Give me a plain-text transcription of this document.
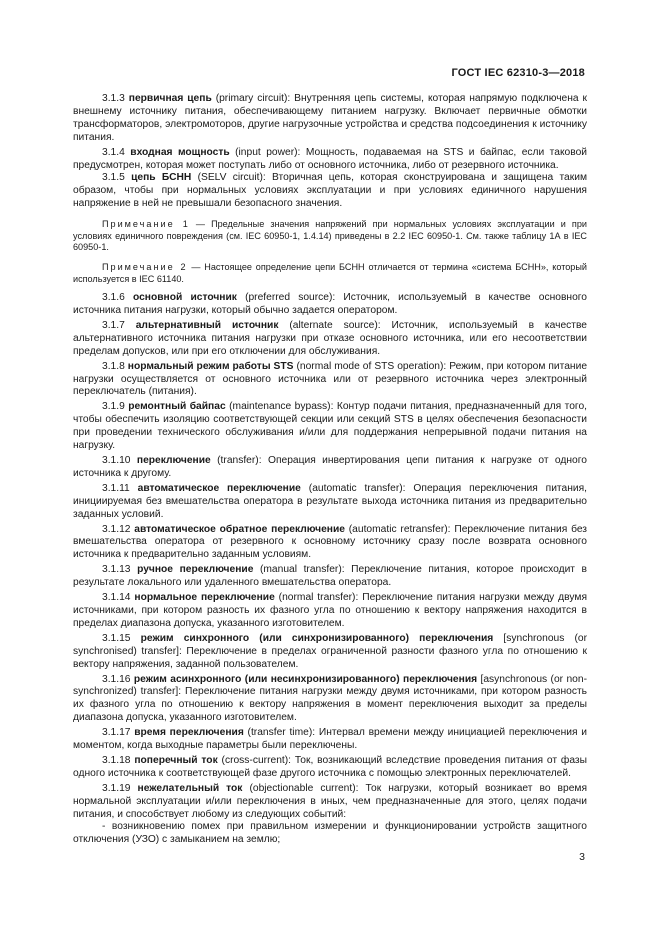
ГОСТ IEC 62310-3—2018

3.1.3 первичная цепь (primary circuit): Внутренняя цепь системы, которая напрямую подключена к внешнему источнику питания, обеспечивающему питанием нагрузку. Включает первичные обмотки трансформаторов, электромоторов, другие нагрузочные устройства и средства подсоединения к источнику питания.

3.1.4 входная мощность (input power): Мощность, подаваемая на STS и байпас, если таковой предусмотрен, которая может поступать либо от основного источника, либо от резервного источника.

3.1.5 цепь БСНН (SELV circuit): Вторичная цепь, которая сконструирована и защищена таким образом, чтобы при нормальных условиях эксплуатации и при условиях единичного нарушения напряжение в ней не превышали безопасного значения.

Примечание 1 — Предельные значения напряжений при нормальных условиях эксплуатации и при условиях единичного повреждения (см. IEC 60950-1, 1.4.14) приведены в 2.2 IEC 60950-1. См. также таблицу 1А в IEC 60950-1.

Примечание 2 — Настоящее определение цепи БСНН отличается от термина «система БСНН», который используется в IEC 61140.

3.1.6 основной источник (preferred source): Источник, используемый в качестве основного источника питания нагрузки, который обычно задается оператором.

3.1.7 альтернативный источник (alternate source): Источник, используемый в качестве альтернативного источника питания нагрузки при отказе основного источника, или его несоответствии пределам допусков, или при его отключении для обслуживания.

3.1.8 нормальный режим работы STS (normal mode of STS operation): Режим, при котором питание нагрузки осуществляется от основного источника или от резервного источника через электронный переключатель (питания).

3.1.9 ремонтный байпас (maintenance bypass): Контур подачи питания, предназначенный для того, чтобы обеспечить изоляцию соответствующей секции или секций STS в целях обеспечения безопасности при проведении технического обслуживания и/или для поддержания непрерывной подачи питания на нагрузку.

3.1.10 переключение (transfer): Операция инвертирования цепи питания к нагрузке от одного источника к другому.

3.1.11 автоматическое переключение (automatic transfer): Операция переключения питания, инициируемая без вмешательства оператора в результате выхода источника питания из предварительно заданных условий.

3.1.12 автоматическое обратное переключение (automatic retransfer): Переключение питания без вмешательства оператора от резервного к основному источнику сразу после возврата основного источника к предварительно заданным условиям.

3.1.13 ручное переключение (manual transfer): Переключение питания, которое происходит в результате локального или удаленного вмешательства оператора.

3.1.14 нормальное переключение (normal transfer): Переключение питания нагрузки между двумя источниками, при котором разность их фазного угла по отношению к вектору напряжения находится в пределах диапазона допуска, указанного изготовителем.

3.1.15 режим синхронного (или синхронизированного) переключения [synchronous (or synchronised) transfer]: Переключение в пределах ограниченной разности фазного угла по отношению к вектору напряжения, заданной пользователем.

3.1.16 режим асинхронного (или несинхронизированного) переключения [asynchronous (or non-synchronized) transfer]: Переключение питания нагрузки между двумя источниками, при котором разность их фазного угла по отношению к вектору напряжения в момент переключения выходит за пределы диапазона допуска, указанного изготовителем.

3.1.17 время переключения (transfer time): Интервал времени между инициацией переключения и моментом, когда выходные параметры были переключены.

3.1.18 поперечный ток (cross-current): Ток, возникающий вследствие проведения питания от фазы одного источника к соответствующей фазе другого источника с помощью электронных переключателей.

3.1.19 нежелательный ток (objectionable current): Ток нагрузки, который возникает во время нормальной эксплуатации и/или переключения в иных, чем предназначенные для этого, целях подачи питания, и способствует любому из следующих событий:

- возникновению помех при правильном измерении и функционировании устройств защитного отключения (УЗО) с замыканием на землю;

3
